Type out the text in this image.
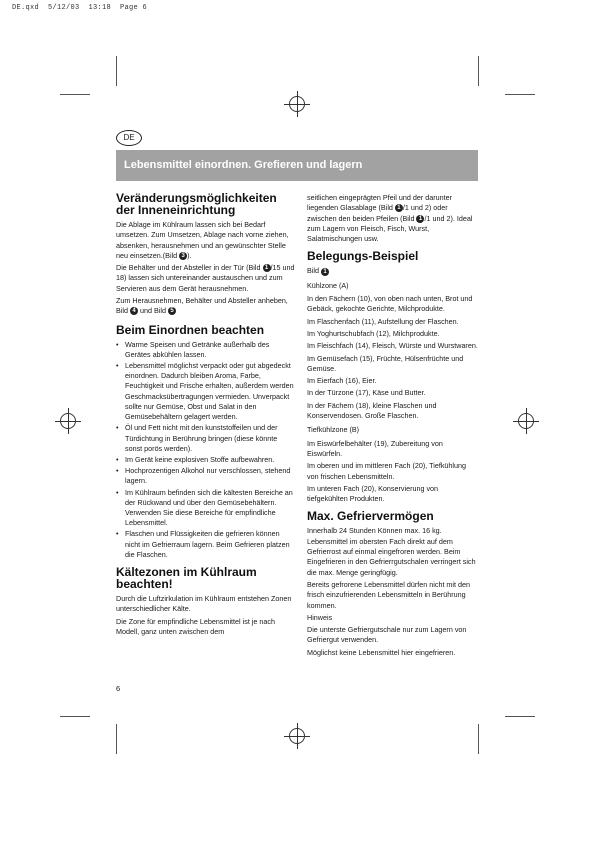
DE.qxd  5/12/03  13:18  Page 6
DE
Lebensmittel einordnen. Grefieren und lagern
Veränderungsmöglichkeiten der Inneneinrichtung

Die Ablage im Kühlraum lassen sich bei Bedarf umsetzen. Zum Umsetzen, Ablage nach vorne ziehen, absenken, herausnehmen und an gewünschter Stelle neu einsetzen.(Bild 3 ).

Die Behälter und der Absteller in der Tür (Bild 1 /15 und 18) lassen sich untereinander austauschen und zum Servieren aus dem Gerät herausnehmen.

Zum Herausnehmen, Behälter und Absteller anheben, Bild 4 und Bild 5

Beim Einordnen beachten
• Warme Speisen und Getränke außerhalb des Gerätes abkühlen lassen.
• Lebensmittel möglichst verpackt oder gut abgedeckt einordnen. Dadurch bleiben Aroma, Farbe, Feuchtigkeit und Frische erhalten, außerdem werden Geschmacksübertragungen vermieden. Unverpackt sollte nur Gemüse, Obst und Salat in den Gemüsebehältern gelagert werden.
• Öl und Fett nicht mit den kunststoffeilen und der Türdichtung in Berührung bringen (diese könnte sonst porös werden).
• Im Gerät keine explosiven Stoffe aufbewahren.
• Hochprozentigen Alkohol nur verschlossen, stehend lagern.
• Im Kühlraum befinden sich die kältesten Bereiche an der Rückwand und über den Gemüsebehältern. Verwenden Sie diese Bereiche für empfindliche Lebensmittel.
• Flaschen und Flüssigkeiten die gefrieren können nicht im Gefrierraum lagern. Beim Gefrieren platzen die Flaschen.
Kältezonen im Kühlraum beachten!

Durch die Luftzirkulation im Kühlraum entstehen Zonen unterschiedlicher Kälte.

Die Zone für empfindliche Lebensmittel ist je nach Modell, ganz unten zwischen dem

seitlichen eingeprägten Pfeil und der darunter liegenden Glasablage (Bild 1 /1 und 2) oder zwischen den beiden Pfeilen (Bild 1 /1 und 2). Ideal zum Lagern von Fleisch, Fisch, Wurst, Salatmischungen usw.

Belegungs-Beispiel

Bild 1

Kühlzone (A)

In den Fächern (10), von oben nach unten, Brot und Gebäck, gekochte Gerichte, Milchprodukte.

Im Flaschenfach (11), Aufstellung der Flaschen.

Im Yoghurtschubfach (12), Milchprodukte.

Im Fleischfach (14), Fleisch, Würste und Wurstwaren.

Im Gemüsefach (15), Früchte, Hülsenfrüchte und Gemüse.

Im Eierfach (16), Eier.

In der Türzone (17), Käse und Butter.

In der Fächern (18), kleine Flaschen und Konservendosen. Große Flaschen.

Tiefkühlzone (B)

Im Eiswürfelbehälter (19), Zubereitung von Eiswürfeln.

Im oberen und im mittleren Fach (20), Tiefkühlung von frischen Lebensmitteln.

Im unteren Fach (20), Konservierung von tiefgekühlten Produkten.

Max. Gefriervermögen

Innerhalb 24 Stunden Können max. 16 kg. Lebensmittel im obersten Fach direkt auf dem Gefrierrost auf einmal eingefroren werden. Beim Eingefrieren in den Gefrierrgutschalen verringert sich die max. Menge geringfügig.

Bereits gefrorene Lebensmittel dürfen nicht mit den frisch einzufrierenden Lebensmitteln in Berührung kommen.

Hinweis

Die unterste Gefriergutschale nur zum Lagern von Gefriergut verwenden.

Möglichst keine Lebensmittel hier eingefrieren.

6
